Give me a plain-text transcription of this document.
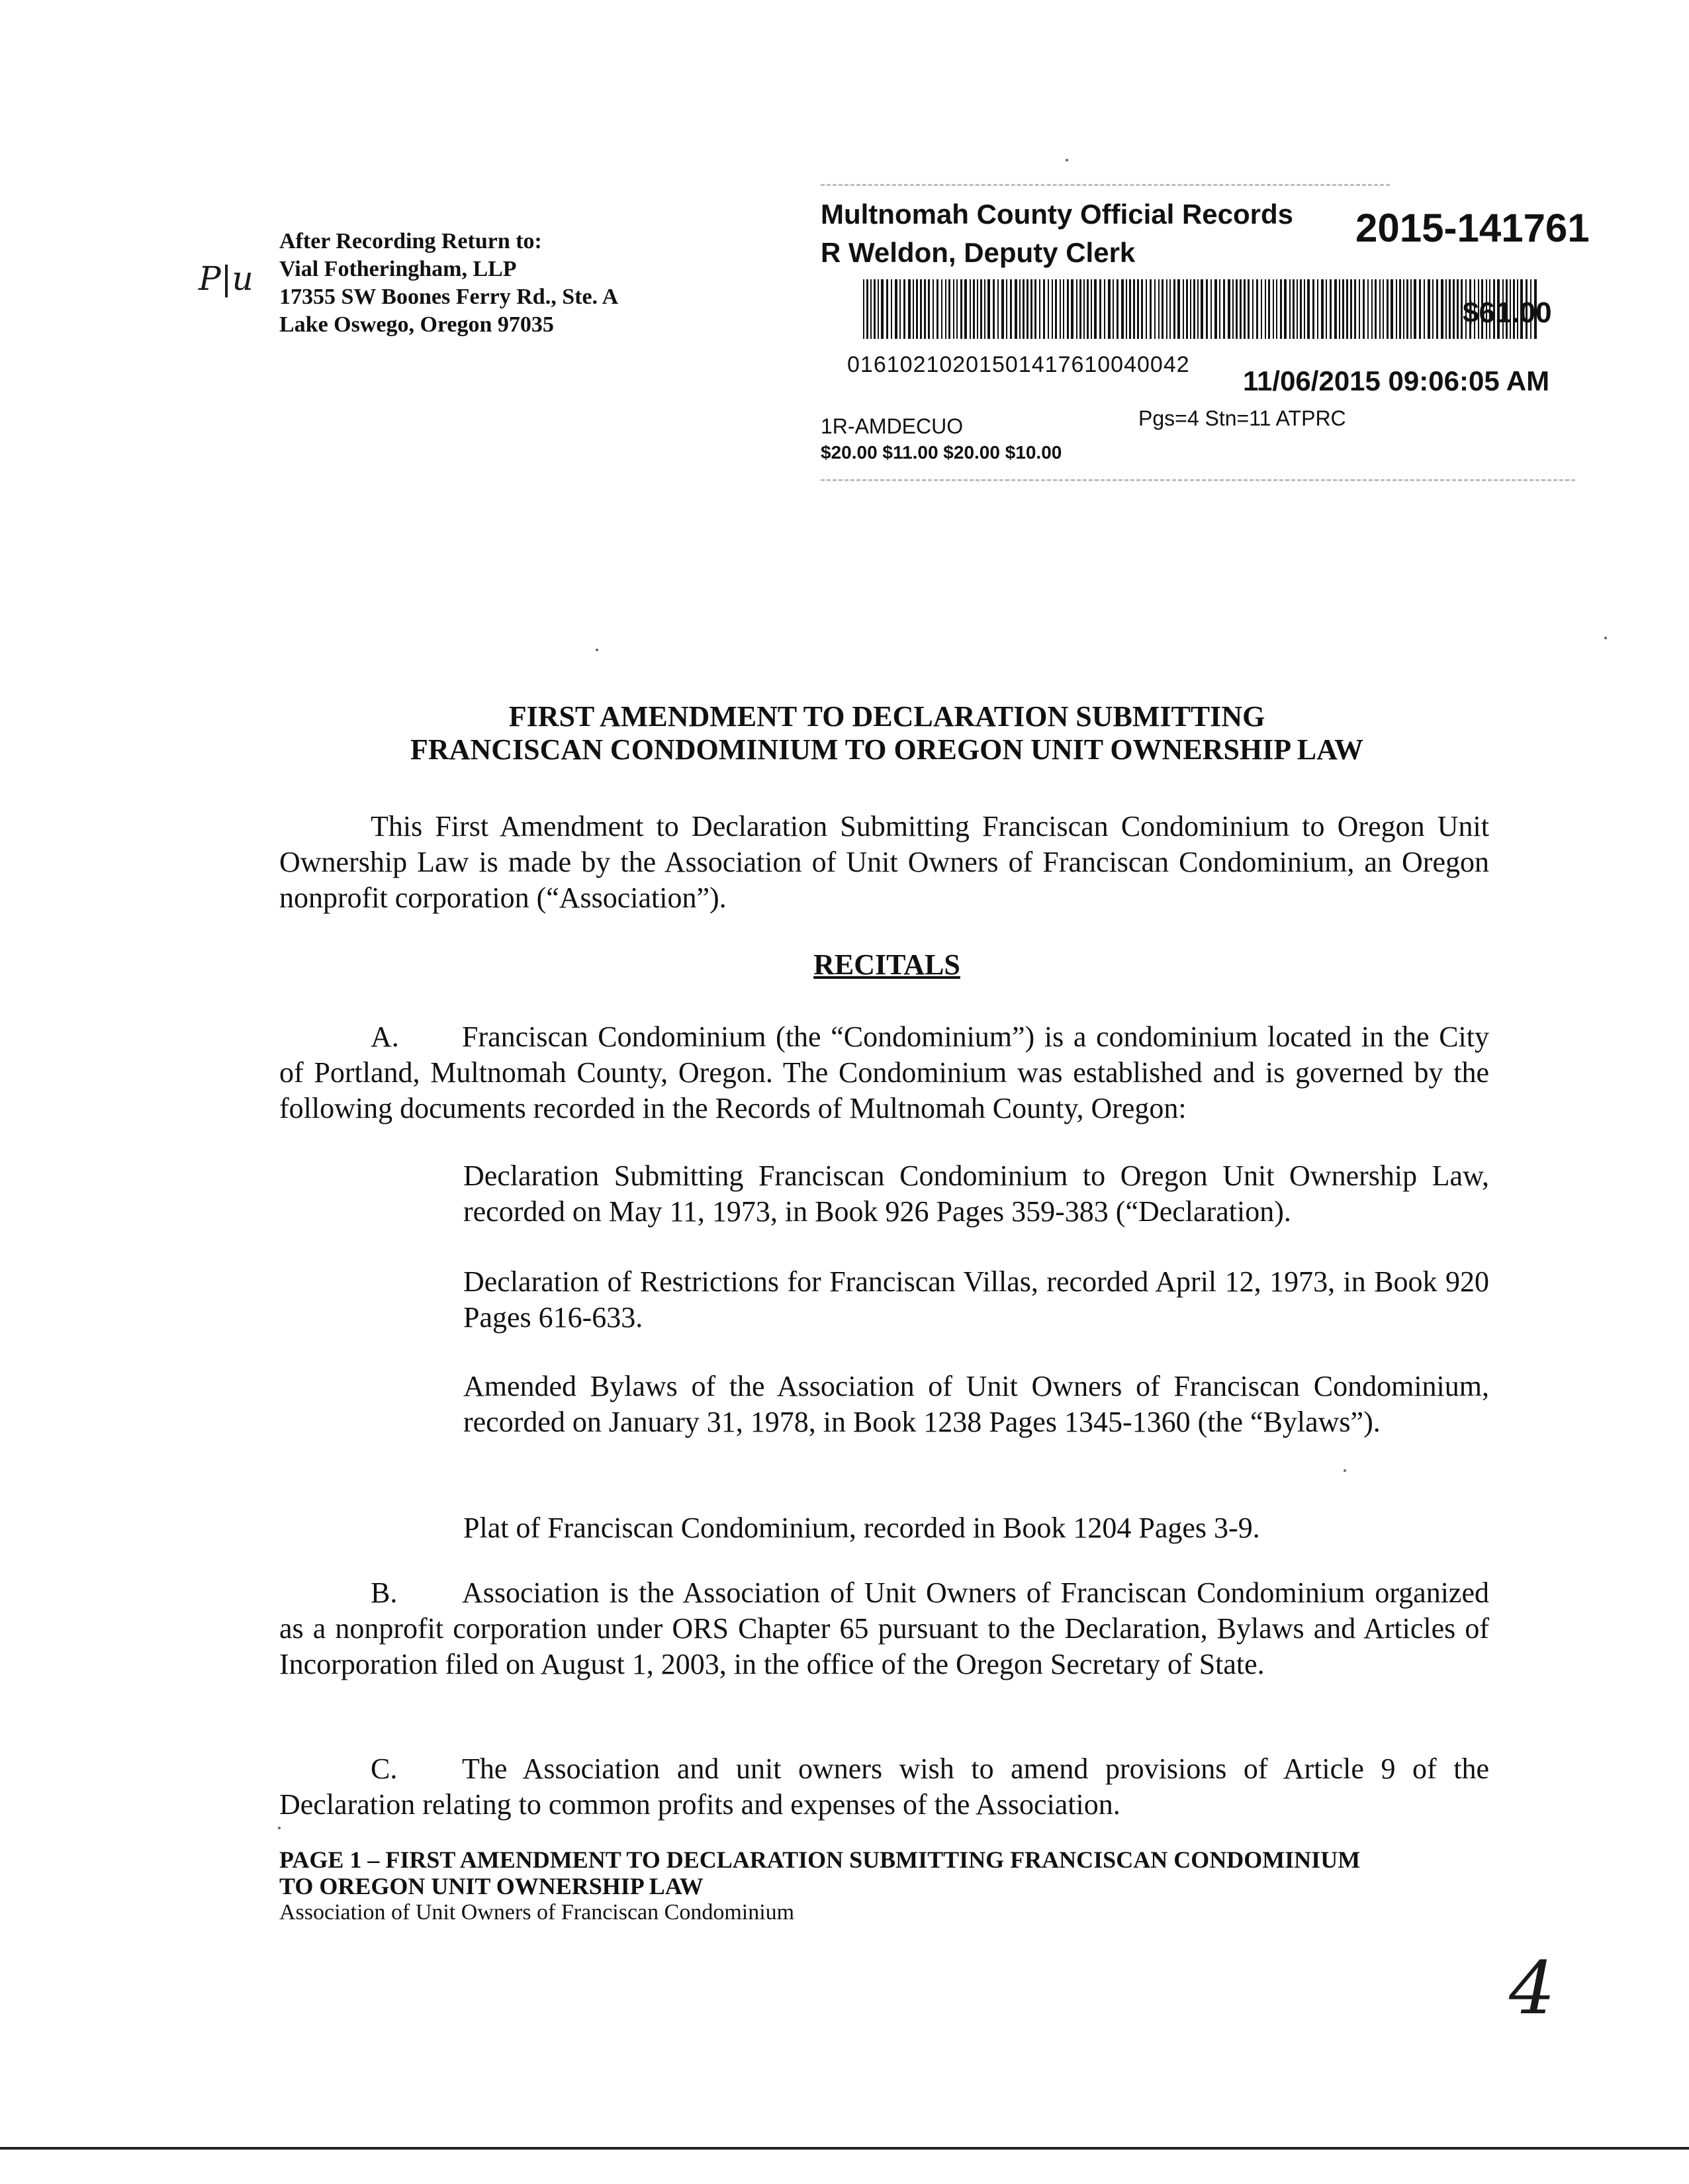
P|u
After Recording Return to:
Vial Fotheringham, LLP
17355 SW Boones Ferry Rd., Ste. A
Lake Oswego, Oregon 97035
Multnomah County Official Records
R Weldon, Deputy Clerk
2015-141761
$61.00
01610210201501417610040042
11/06/2015 09:06:05 AM
1R-AMDECUO	Pgs=4 Stn=11 ATPRC
$20.00 $11.00 $20.00 $10.00
FIRST AMENDMENT TO DECLARATION SUBMITTING
FRANCISCAN CONDOMINIUM TO OREGON UNIT OWNERSHIP LAW
This First Amendment to Declaration Submitting Franciscan Condominium to Oregon Unit Ownership Law is made by the Association of Unit Owners of Franciscan Condominium, an Oregon nonprofit corporation (“Association”).
RECITALS
A. Franciscan Condominium (the “Condominium”) is a condominium located in the City of Portland, Multnomah County, Oregon. The Condominium was established and is governed by the following documents recorded in the Records of Multnomah County, Oregon:
Declaration Submitting Franciscan Condominium to Oregon Unit Ownership Law, recorded on May 11, 1973, in Book 926 Pages 359-383 (“Declaration).
Declaration of Restrictions for Franciscan Villas, recorded April 12, 1973, in Book 920 Pages 616-633.
Amended Bylaws of the Association of Unit Owners of Franciscan Condominium, recorded on January 31, 1978, in Book 1238 Pages 1345-1360 (the “Bylaws”).
Plat of Franciscan Condominium, recorded in Book 1204 Pages 3-9.
B. Association is the Association of Unit Owners of Franciscan Condominium organized as a nonprofit corporation under ORS Chapter 65 pursuant to the Declaration, Bylaws and Articles of Incorporation filed on August 1, 2003, in the office of the Oregon Secretary of State.
C. The Association and unit owners wish to amend provisions of Article 9 of the Declaration relating to common profits and expenses of the Association.
PAGE 1 – FIRST AMENDMENT TO DECLARATION SUBMITTING FRANCISCAN CONDOMINIUM
TO OREGON UNIT OWNERSHIP LAW
Association of Unit Owners of Franciscan Condominium
4
